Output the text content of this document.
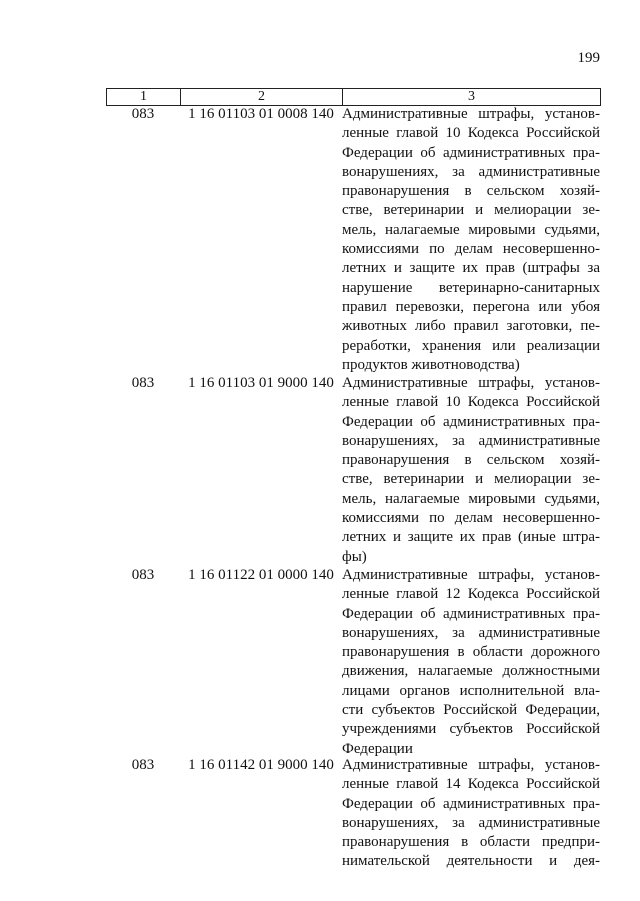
199
1	2	3
083	1 16 01103 01 0008 140 Административные штрафы, установ-
ленные главой 10 Кодекса Российской
Федерации об административных пра-
вонарушениях, за административные
правонарушения в сельском хозяй-
стве, ветеринарии и мелиорации зе-
мель, налагаемые мировыми судьями,
комиссиями по делам несовершенно-
летних и защите их прав (штрафы за
нарушение ветеринарно-санитарных
правил перевозки, перегона или убоя
животных либо правил заготовки, пе-
реработки, хранения или реализации
продуктов животноводства)
083	1 16 01103 01 9000 140 Административные штрафы, установ-
ленные главой 10 Кодекса Российской
Федерации об административных пра-
вонарушениях, за административные
правонарушения в сельском хозяй-
стве, ветеринарии и мелиорации зе-
мель, налагаемые мировыми судьями,
комиссиями по делам несовершенно-
летних и защите их прав (иные штра-
фы)
083	1 16 01122 01 0000 140 Административные штрафы, установ-
ленные главой 12 Кодекса Российской
Федерации об административных пра-
вонарушениях, за административные
правонарушения в области дорожного
движения, налагаемые должностными
лицами органов исполнительной вла-
сти субъектов Российской Федерации,
учреждениями субъектов Российской
Федерации
083	1 16 01142 01 9000 140 Административные штрафы, установ-
ленные главой 14 Кодекса Российской
Федерации об административных пра-
вонарушениях, за административные
правонарушения в области предпри-
нимательской деятельности и дея-
